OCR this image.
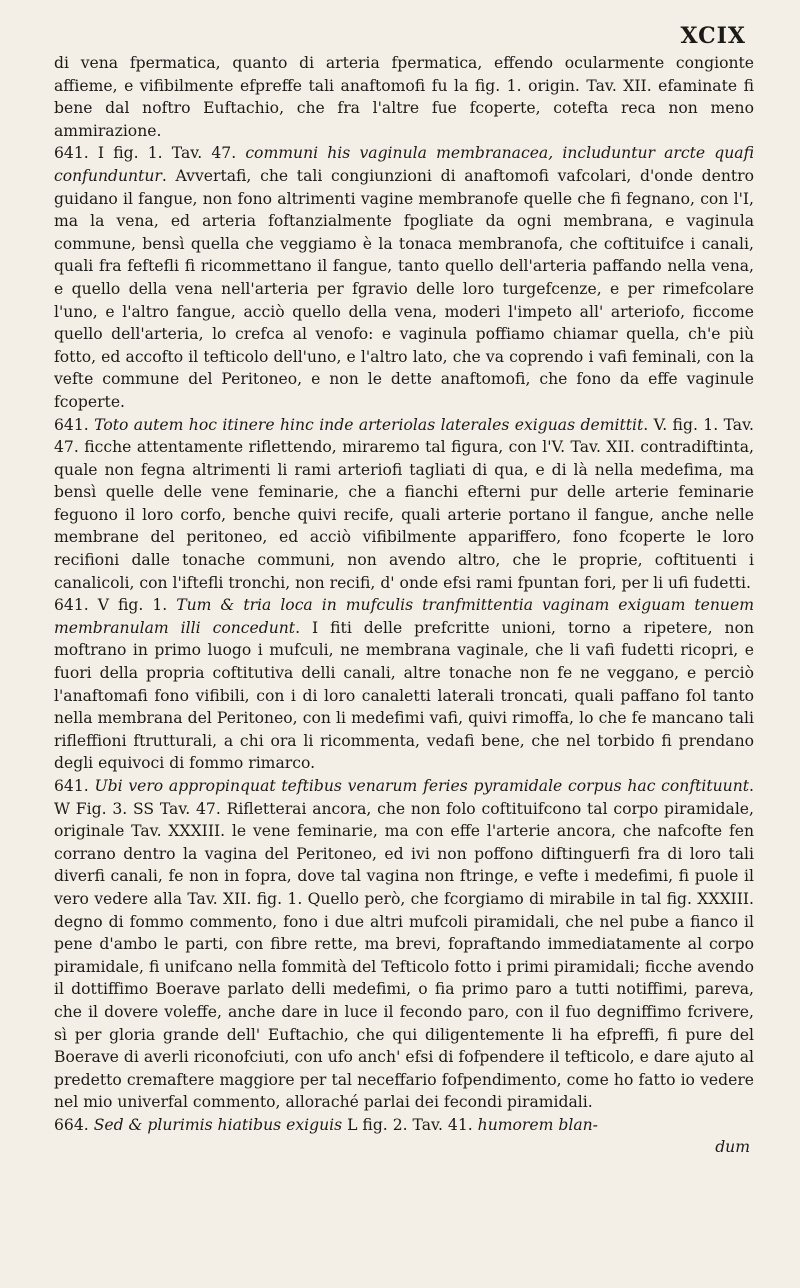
XCIX

di vena fpermatica, quanto di arteria fpermatica, effendo ocularmente congionte affieme, e vifibilmente efpreffe tali anaftomofi fu la fig. 1. origin. Tav. XII. efaminate fi bene dal noftro Euftachio, che fra l'altre fue fcoperte, cotefta reca non meno ammirazione.

641. I fig. 1. Tav. 47. communi his vaginula membranacea, includuntur arcte quafi confunduntur. Avvertafi, che tali congiunzioni di anaftomofi vafcolari, d'onde dentro guidano il fangue, non fono altrimenti vagine membranofe quelle che fi fegnano, con l'I, ma la vena, ed arteria foftanzialmente fpogliate da ogni membrana, e vaginula commune, bensì quella che veggiamo è la tonaca membranofa, che coftituifce i canali, quali fra feftefli fi ricommettano il fangue, tanto quello dell'arteria paffando nella vena, e quello della vena nell'arteria per fgravio delle loro turgefcenze, e per rimefcolare l'uno, e l'altro fangue, acciò quello della vena, moderi l'impeto all' arteriofo, ficcome quello dell'arteria, lo crefca al venofo: e vaginula poffiamo chiamar quella, ch'e più fotto, ed accofto il tefticolo dell'uno, e l'altro lato, che va coprendo i vafi feminali, con la vefte commune del Peritoneo, e non le dette anaftomofi, che fono da effe vaginule fcoperte.

641. Toto autem hoc itinere hinc inde arteriolas laterales exiguas demittit. V. fig. 1. Tav. 47. ficche attentamente riflettendo, miraremo tal figura, con l'V. Tav. XII. contradiftinta, quale non fegna altrimenti li rami arteriofi tagliati di qua, e di là nella medefima, ma bensì quelle delle vene feminarie, che a fianchi efterni pur delle arterie feminarie feguono il loro corfo, benche quivi recife, quali arterie portano il fangue, anche nelle membrane del peritoneo, ed acciò vifibilmente appariffero, fono fcoperte le loro recifioni dalle tonache communi, non avendo altro, che le proprie, coftituenti i canalicoli, con l'iftefli tronchi, non recifi, d' onde efsi rami fpuntan fori, per li ufi fudetti.

641. V fig. 1. Tum & tria loca in mufculis tranfmittentia vaginam exiguam tenuem membranulam illi concedunt. I fiti delle prefcritte unioni, torno a ripetere, non moftrano in primo luogo i mufculi, ne membrana vaginale, che li vafi fudetti ricopri, e fuori della propria coftitutiva delli canali, altre tonache non fe ne veggano, e perciò l'anaftomafi fono vifibili, con i di loro canaletti laterali troncati, quali paffano fol tanto nella membrana del Peritoneo, con li medefimi vafi, quivi rimoffa, lo che fe mancano tali rifleffioni ftrutturali, a chi ora li ricommenta, vedafi bene, che nel torbido fi prendano degli equivoci di fommo rimarco.

641. Ubi vero appropinquat teftibus venarum feries pyramidale corpus hac conftituunt. W Fig. 3. SS Tav. 47. Rifletterai ancora, che non folo coftituifcono tal corpo piramidale, originale Tav. XXXIII. le vene feminarie, ma con effe l'arterie ancora, che nafcofte fen corrano dentro la vagina del Peritoneo, ed ivi non poffono diftinguerfi fra di loro tali diverfi canali, fe non in fopra, dove tal vagina non ftringe, e vefte i medefimi, fi puole il vero vedere alla Tav. XII. fig. 1. Quello però, che fcorgiamo di mirabile in tal fig. XXXIII. degno di fommo commento, fono i due altri mufcoli piramidali, che nel pube a fianco il pene d'ambo le parti, con fibre rette, ma brevi, fopraftando immediatamente al corpo piramidale, fi unifcano nella fommità del Tefticolo fotto i primi piramidali; ficche avendo il dottiffimo Boerave parlato delli medefimi, o fia primo paro a tutti notiffimi, pareva, che il dovere voleffe, anche dare in luce il fecondo paro, con il fuo degniffimo fcrivere, sì per gloria grande dell' Euftachio, che qui diligentemente li ha efpreffi, fi pure del Boerave di averli riconofciuti, con ufo anch' efsi di fofpendere il tefticolo, e dare ajuto al predetto cremaftere maggiore per tal neceffario fofpendimento, come ho fatto io vedere nel mio univerfal commento, alloraché parlai dei fecondi piramidali.

664. Sed & plurimis hiatibus exiguis L fig. 2. Tav. 41. humorem blan-

dum
